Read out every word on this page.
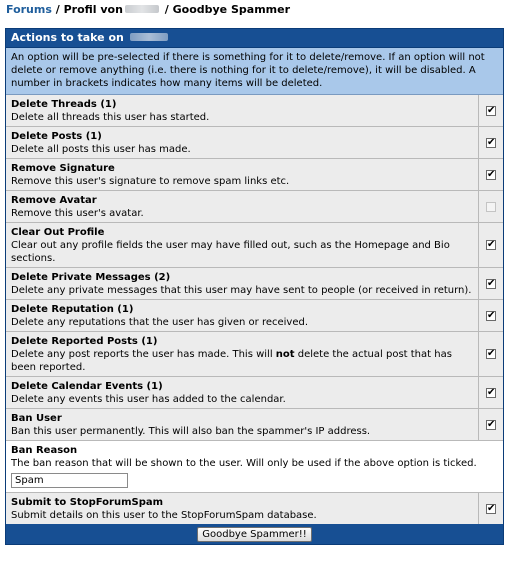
Forums / Profil von	/ Goodbye Spammer
Actions to take on
An option will be pre-selected if there is something for it to delete/remove. If an option will not delete or remove anything (i.e. there is nothing for it to delete/remove), it will be disabled. A number in brackets indicates how many items will be deleted.
Delete Threads (1)
Delete all threads this user has started.
✔
Delete Posts (1)
Delete all posts this user has made.
✔
Remove Signature
Remove this user's signature to remove spam links etc.
✔
Remove Avatar
Remove this user's avatar.
Clear Out Profile
Clear out any profile fields the user may have filled out, such as the Homepage and Bio sections.
✔
Delete Private Messages (2)
Delete any private messages that this user may have sent to people (or received in return).
✔
Delete Reputation (1)
Delete any reputations that the user has given or received.
✔
Delete Reported Posts (1)
Delete any post reports the user has made. This will not delete the actual post that has been reported.
✔
Delete Calendar Events (1)
Delete any events this user has added to the calendar.
✔
Ban User
Ban this user permanently. This will also ban the spammer's IP address.
✔
Ban Reason
The ban reason that will be shown to the user. Will only be used if the above option is ticked.
Spam
Submit to StopForumSpam
Submit details on this user to the StopForumSpam database.
✔
Goodbye Spammer!!
